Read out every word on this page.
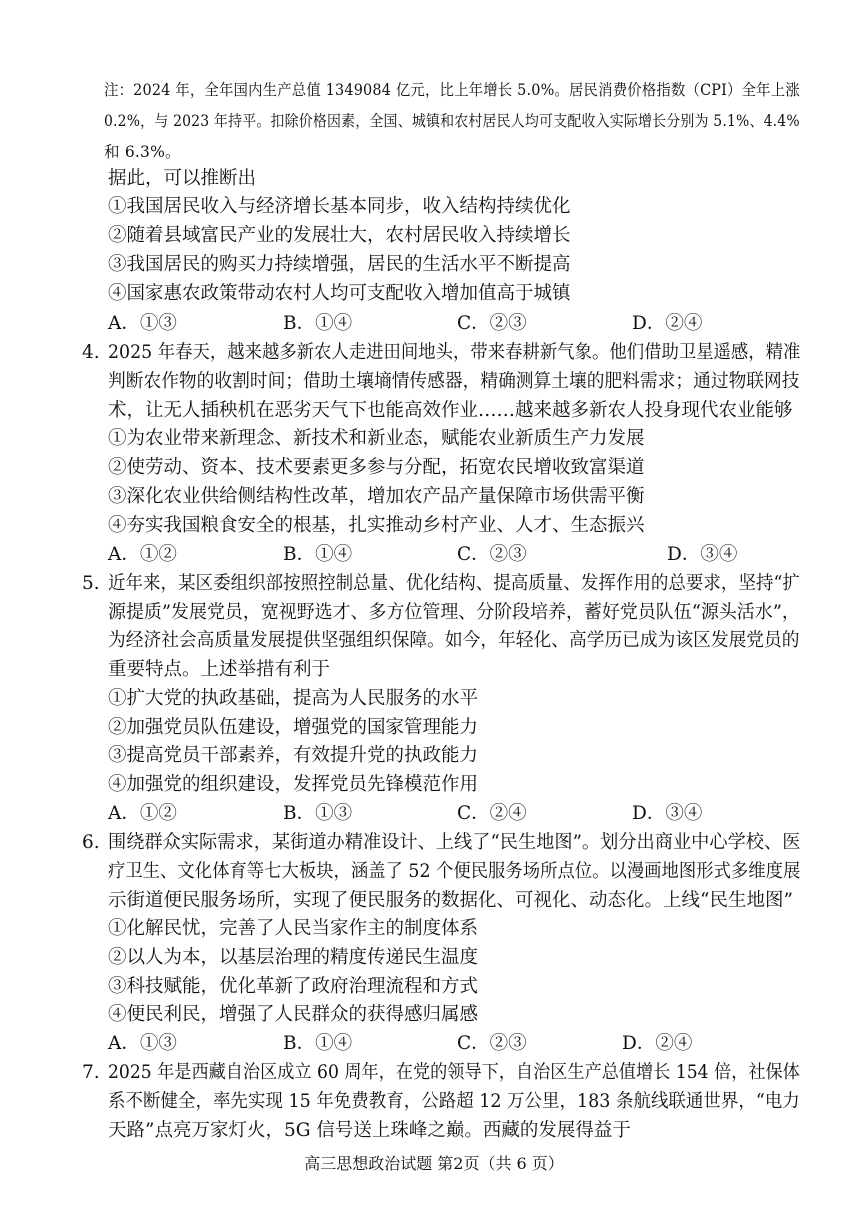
注：2024 年，全年国内生产总值 1349084 亿元，比上年增长 5.0%。居民消费价格指数（CPI）全年上涨
0.2%，与 2023 年持平。扣除价格因素，全国、城镇和农村居民人均可支配收入实际增长分别为 5.1%、4.4%
和 6.3%。
据此，可以推断出
①我国居民收入与经济增长基本同步，收入结构持续优化
②随着县域富民产业的发展壮大，农村居民收入持续增长
③我国居民的购买力持续增强，居民的生活水平不断提高
④国家惠农政策带动农村人均可支配收入增加值高于城镇
A．①③	B．①④	C．②③	D．②④
4. 2025 年春天，越来越多新农人走进田间地头，带来春耕新气象。他们借助卫星遥感，精准
判断农作物的收割时间；借助土壤墒情传感器，精确测算土壤的肥料需求；通过物联网技
术，让无人插秧机在恶劣天气下也能高效作业……越来越多新农人投身现代农业能够
①为农业带来新理念、新技术和新业态，赋能农业新质生产力发展
②使劳动、资本、技术要素更多参与分配，拓宽农民增收致富渠道
③深化农业供给侧结构性改革，增加农产品产量保障市场供需平衡
④夯实我国粮食安全的根基，扎实推动乡村产业、人才、生态振兴
A．①②	B．①④	C．②③	D．③④
5. 近年来，某区委组织部按照控制总量、优化结构、提高质量、发挥作用的总要求，坚持“扩
源提质”发展党员，宽视野选才、多方位管理、分阶段培养，蓄好党员队伍“源头活水”，
为经济社会高质量发展提供坚强组织保障。如今，年轻化、高学历已成为该区发展党员的
重要特点。上述举措有利于
①扩大党的执政基础，提高为人民服务的水平
②加强党员队伍建设，增强党的国家管理能力
③提高党员干部素养，有效提升党的执政能力
④加强党的组织建设，发挥党员先锋模范作用
A．①②	B．①③	C．②④	D．③④
6. 围绕群众实际需求，某街道办精准设计、上线了“民生地图”。划分出商业中心学校、医
疗卫生、文化体育等七大板块，涵盖了 52 个便民服务场所点位。以漫画地图形式多维度展
示街道便民服务场所，实现了便民服务的数据化、可视化、动态化。上线“民生地图”
①化解民忧，完善了人民当家作主的制度体系
②以人为本，以基层治理的精度传递民生温度
③科技赋能，优化革新了政府治理流程和方式
④便民利民，增强了人民群众的获得感归属感
A．①③	B．①④	C．②③	D．②④
7. 2025 年是西藏自治区成立 60 周年，在党的领导下，自治区生产总值增长 154 倍，社保体
系不断健全，率先实现 15 年免费教育，公路超 12 万公里，183 条航线联通世界，“电力
天路”点亮万家灯火，5G 信号送上珠峰之巅。西藏的发展得益于
高三思想政治试题 第2页（共 6 页）
